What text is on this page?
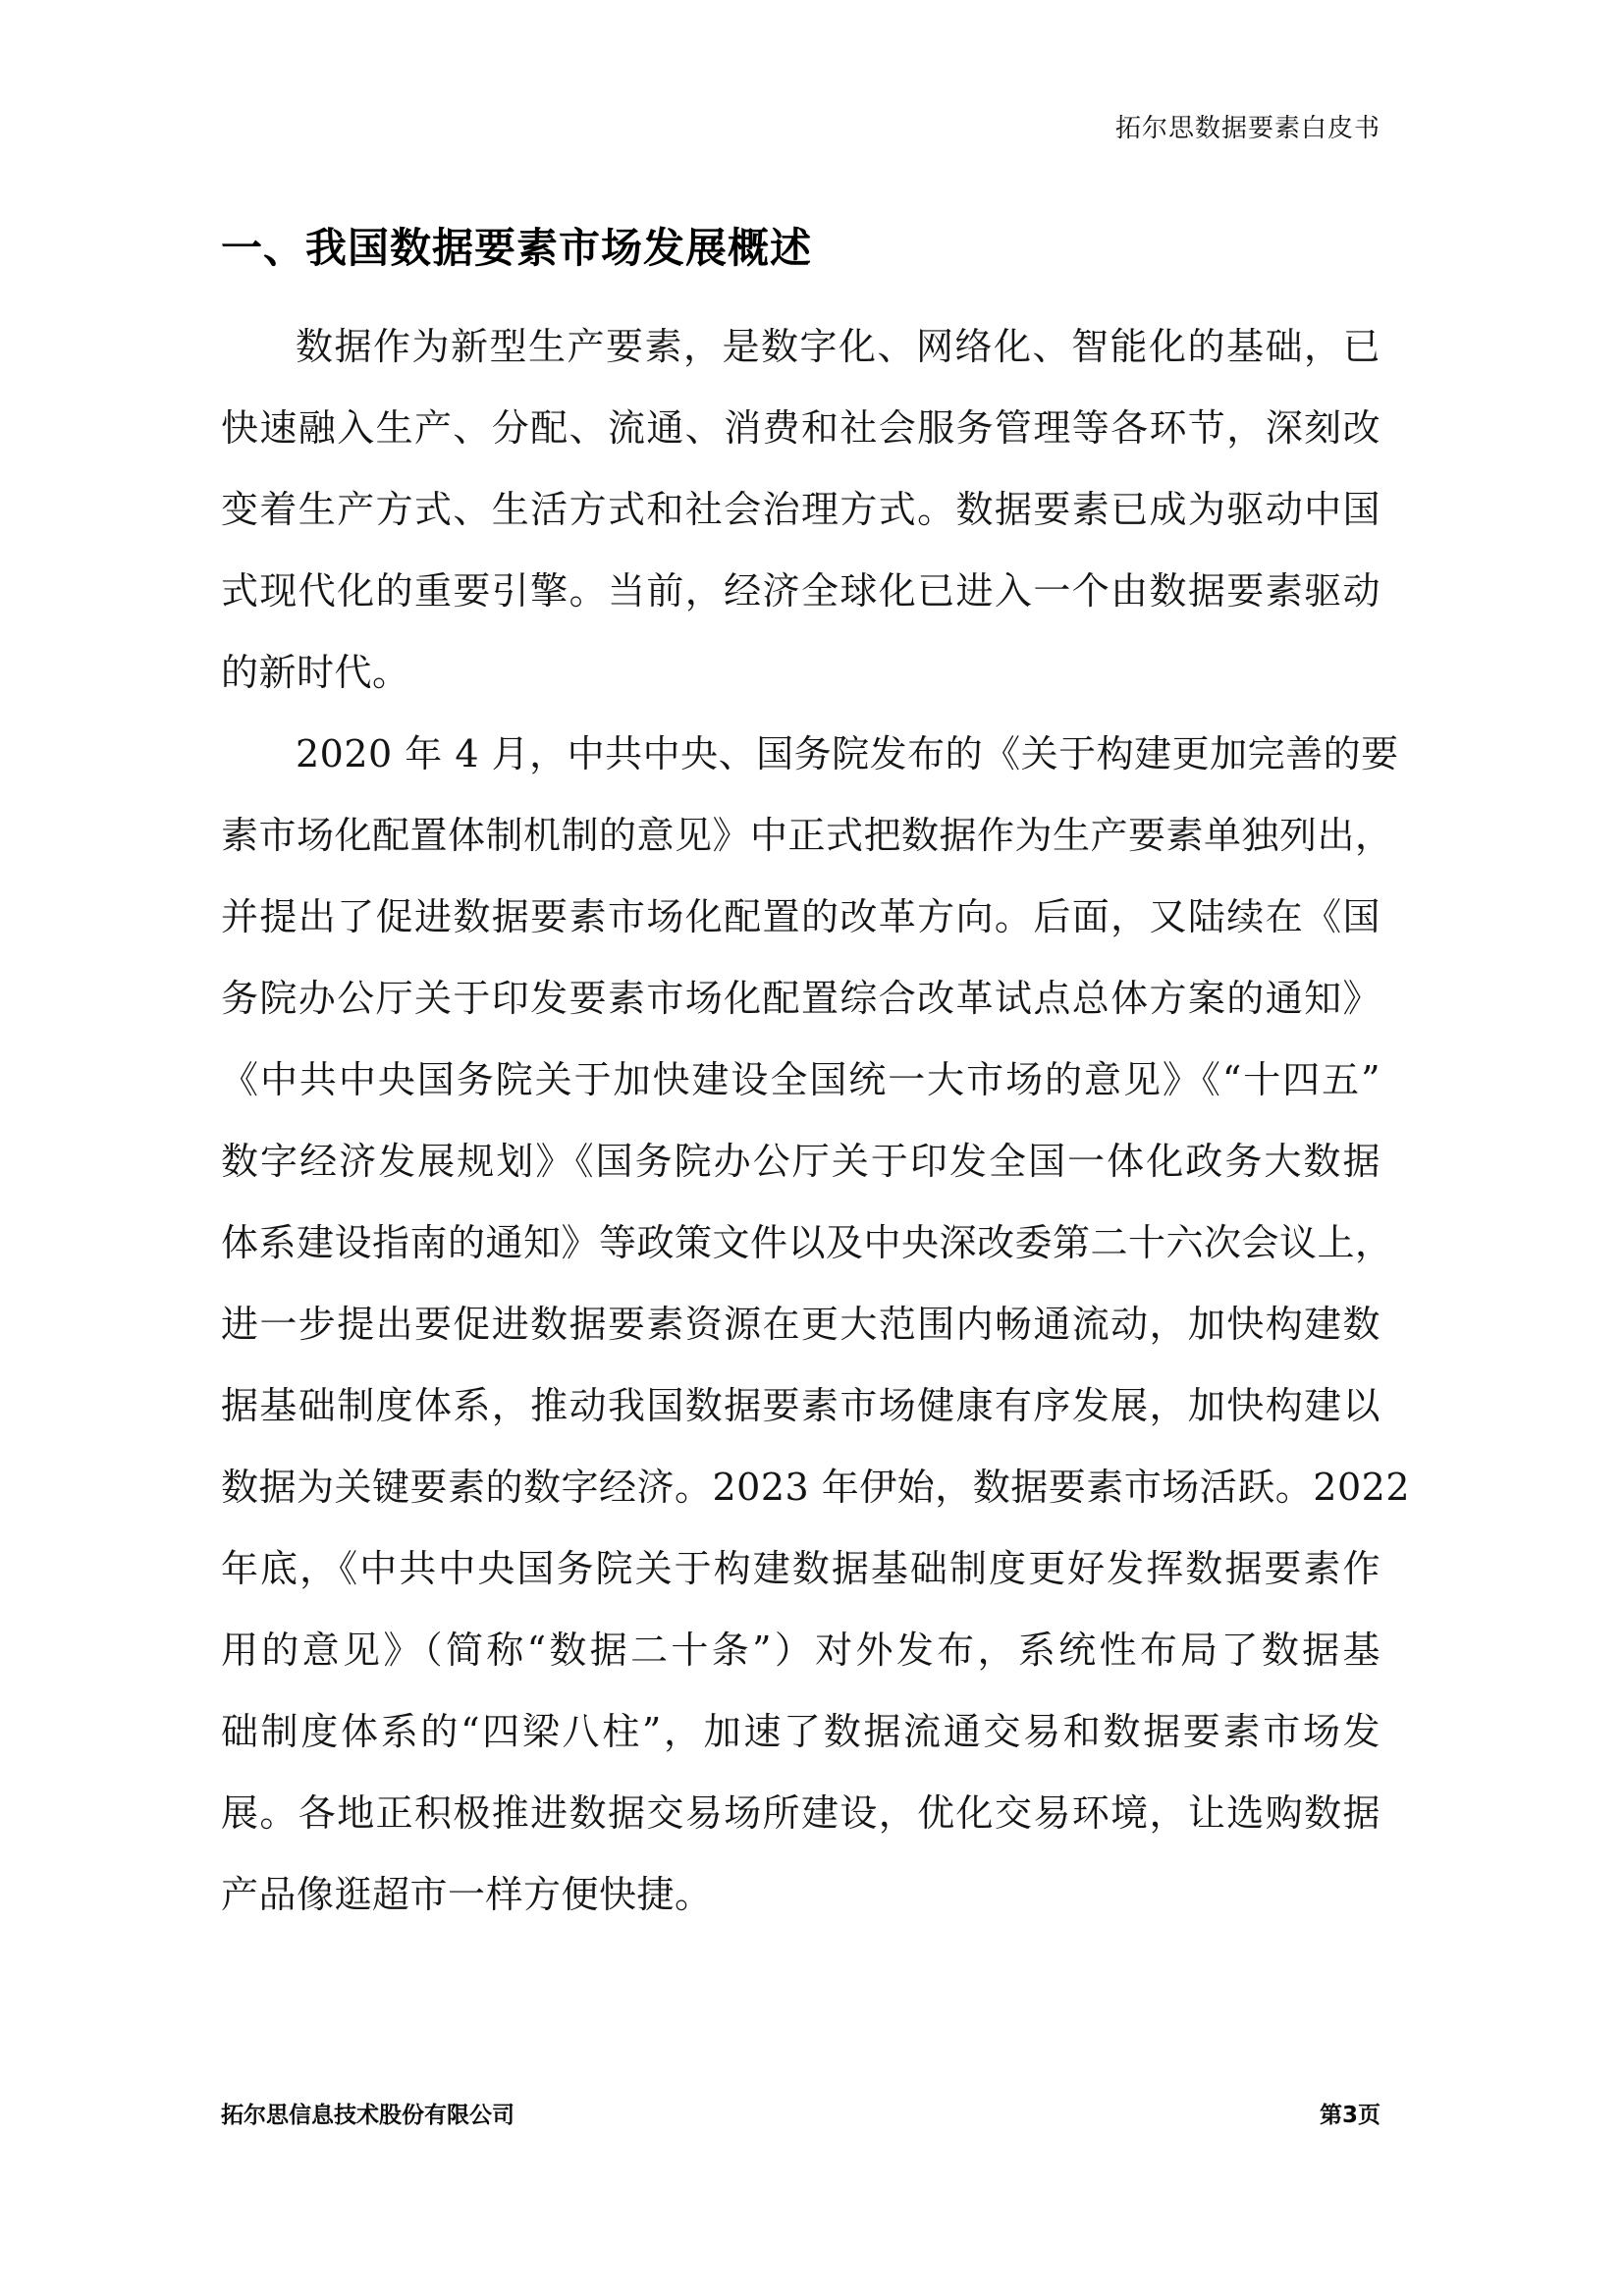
拓尔思数据要素白皮书
一、我国数据要素市场发展概述
数据作为新型生产要素，是数字化、网络化、智能化的基础，已
快速融入生产、分配、流通、消费和社会服务管理等各环节，深刻改
变着生产方式、生活方式和社会治理方式。数据要素已成为驱动中国
式现代化的重要引擎。当前，经济全球化已进入一个由数据要素驱动
的新时代。
2020 年 4 月，中共中央、国务院发布的《关于构建更加完善的要
素市场化配置体制机制的意见》中正式把数据作为生产要素单独列出，
并提出了促进数据要素市场化配置的改革方向。后面，又陆续在《国
务院办公厅关于印发要素市场化配置综合改革试点总体方案的通知》
《中共中央国务院关于加快建设全国统一大市场的意见》《“十四五”
数字经济发展规划》《国务院办公厅关于印发全国一体化政务大数据
体系建设指南的通知》等政策文件以及中央深改委第二十六次会议上，
进一步提出要促进数据要素资源在更大范围内畅通流动，加快构建数
据基础制度体系，推动我国数据要素市场健康有序发展，加快构建以
数据为关键要素的数字经济。2023 年伊始，数据要素市场活跃。2022
年底，《中共中央国务院关于构建数据基础制度更好发挥数据要素作
用的意见》（简称“数据二十条”）对外发布，系统性布局了数据基
础制度体系的“四梁八柱”，加速了数据流通交易和数据要素市场发
展。各地正积极推进数据交易场所建设，优化交易环境，让选购数据
产品像逛超市一样方便快捷。
拓尔思信息技术股份有限公司	第3页
